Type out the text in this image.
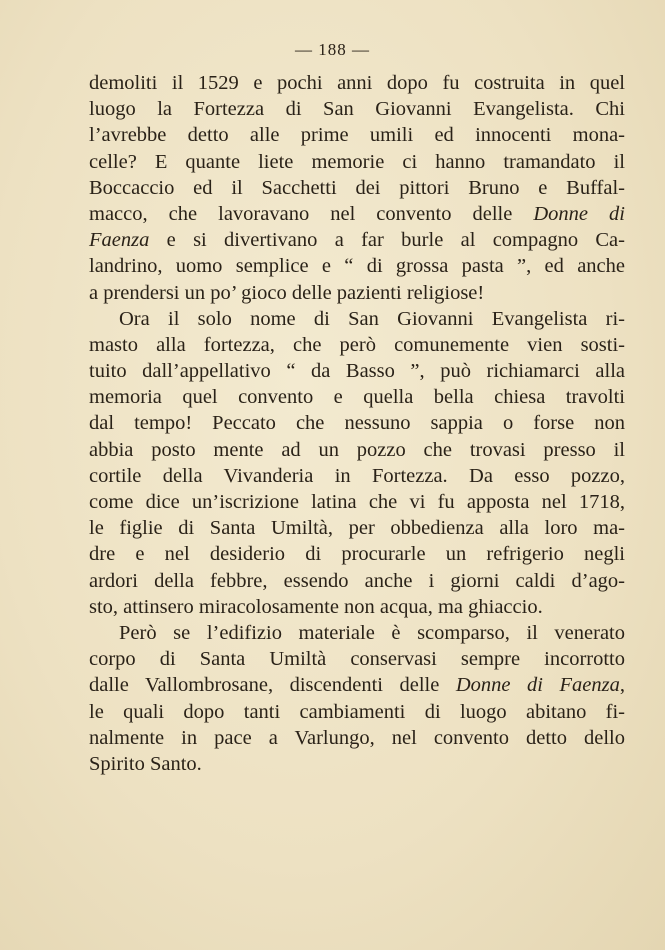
— 188 —
demoliti il 1529 e pochi anni dopo fu costruita in quel
luogo la Fortezza di San Giovanni Evangelista. Chi
l’avrebbe detto alle prime umili ed innocenti mona-
celle? E quante liete memorie ci hanno tramandato il
Boccaccio ed il Sacchetti dei pittori Bruno e Buffal-
macco, che lavoravano nel convento delle Donne di
Faenza e si divertivano a far burle al compagno Ca-
landrino, uomo semplice e “ di grossa pasta ”, ed anche
a prendersi un po’ gioco delle pazienti religiose!
Ora il solo nome di San Giovanni Evangelista ri-
masto alla fortezza, che però comunemente vien sosti-
tuito dall’appellativo “ da Basso ”, può richiamarci alla
memoria quel convento e quella bella chiesa travolti
dal tempo! Peccato che nessuno sappia o forse non
abbia posto mente ad un pozzo che trovasi presso il
cortile della Vivanderia in Fortezza. Da esso pozzo,
come dice un’iscrizione latina che vi fu apposta nel 1718,
le figlie di Santa Umiltà, per obbedienza alla loro ma-
dre e nel desiderio di procurarle un refrigerio negli
ardori della febbre, essendo anche i giorni caldi d’ago-
sto, attinsero miracolosamente non acqua, ma ghiaccio.
Però se l’edifizio materiale è scomparso, il venerato
corpo di Santa Umiltà conservasi sempre incorrotto
dalle Vallombrosane, discendenti delle Donne di Faenza,
le quali dopo tanti cambiamenti di luogo abitano fi-
nalmente in pace a Varlungo, nel convento detto dello
Spirito Santo.
